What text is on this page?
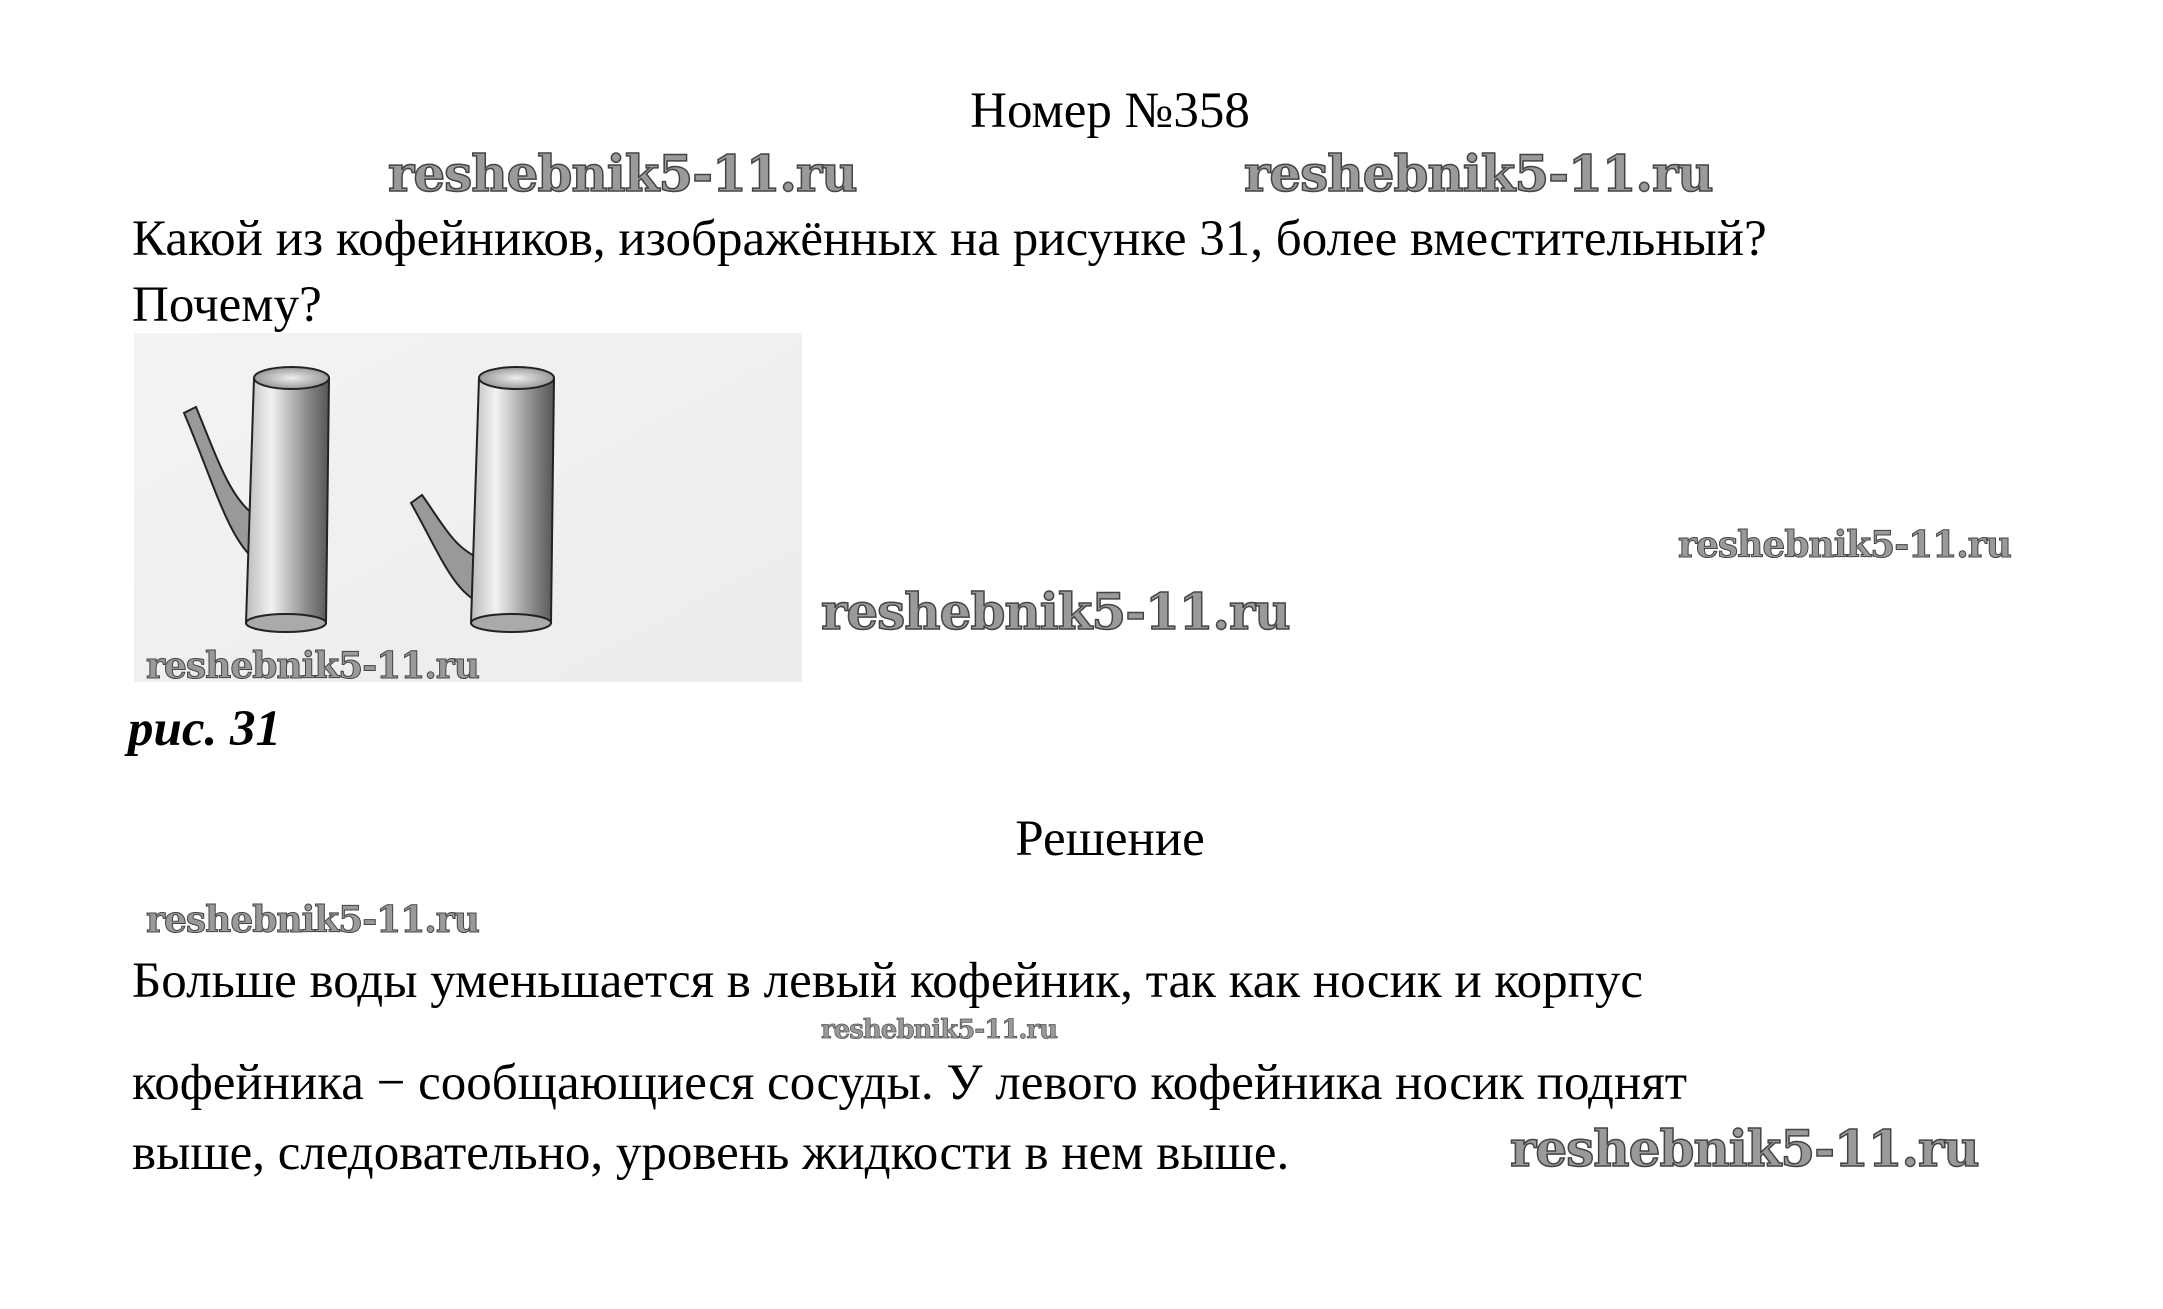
Номер №358
reshebnik5-11.ru	reshebnik5-11.ru
Какой из кофейников, изображённых на рисунке 31, более вместительный?
Почему?
reshebnik5-11.ru
reshebnik5-11.ru
reshebnik5-11.ru
рис. 31
Решение
reshebnik5-11.ru
Больше воды уменьшается в левый кофейник, так как носик и корпус
reshebnik5-11.ru
кофейника − сообщающиеся сосуды. У левого кофейника носик поднят
выше, следовательно, уровень жидкости в нем выше.	reshebnik5-11.ru
